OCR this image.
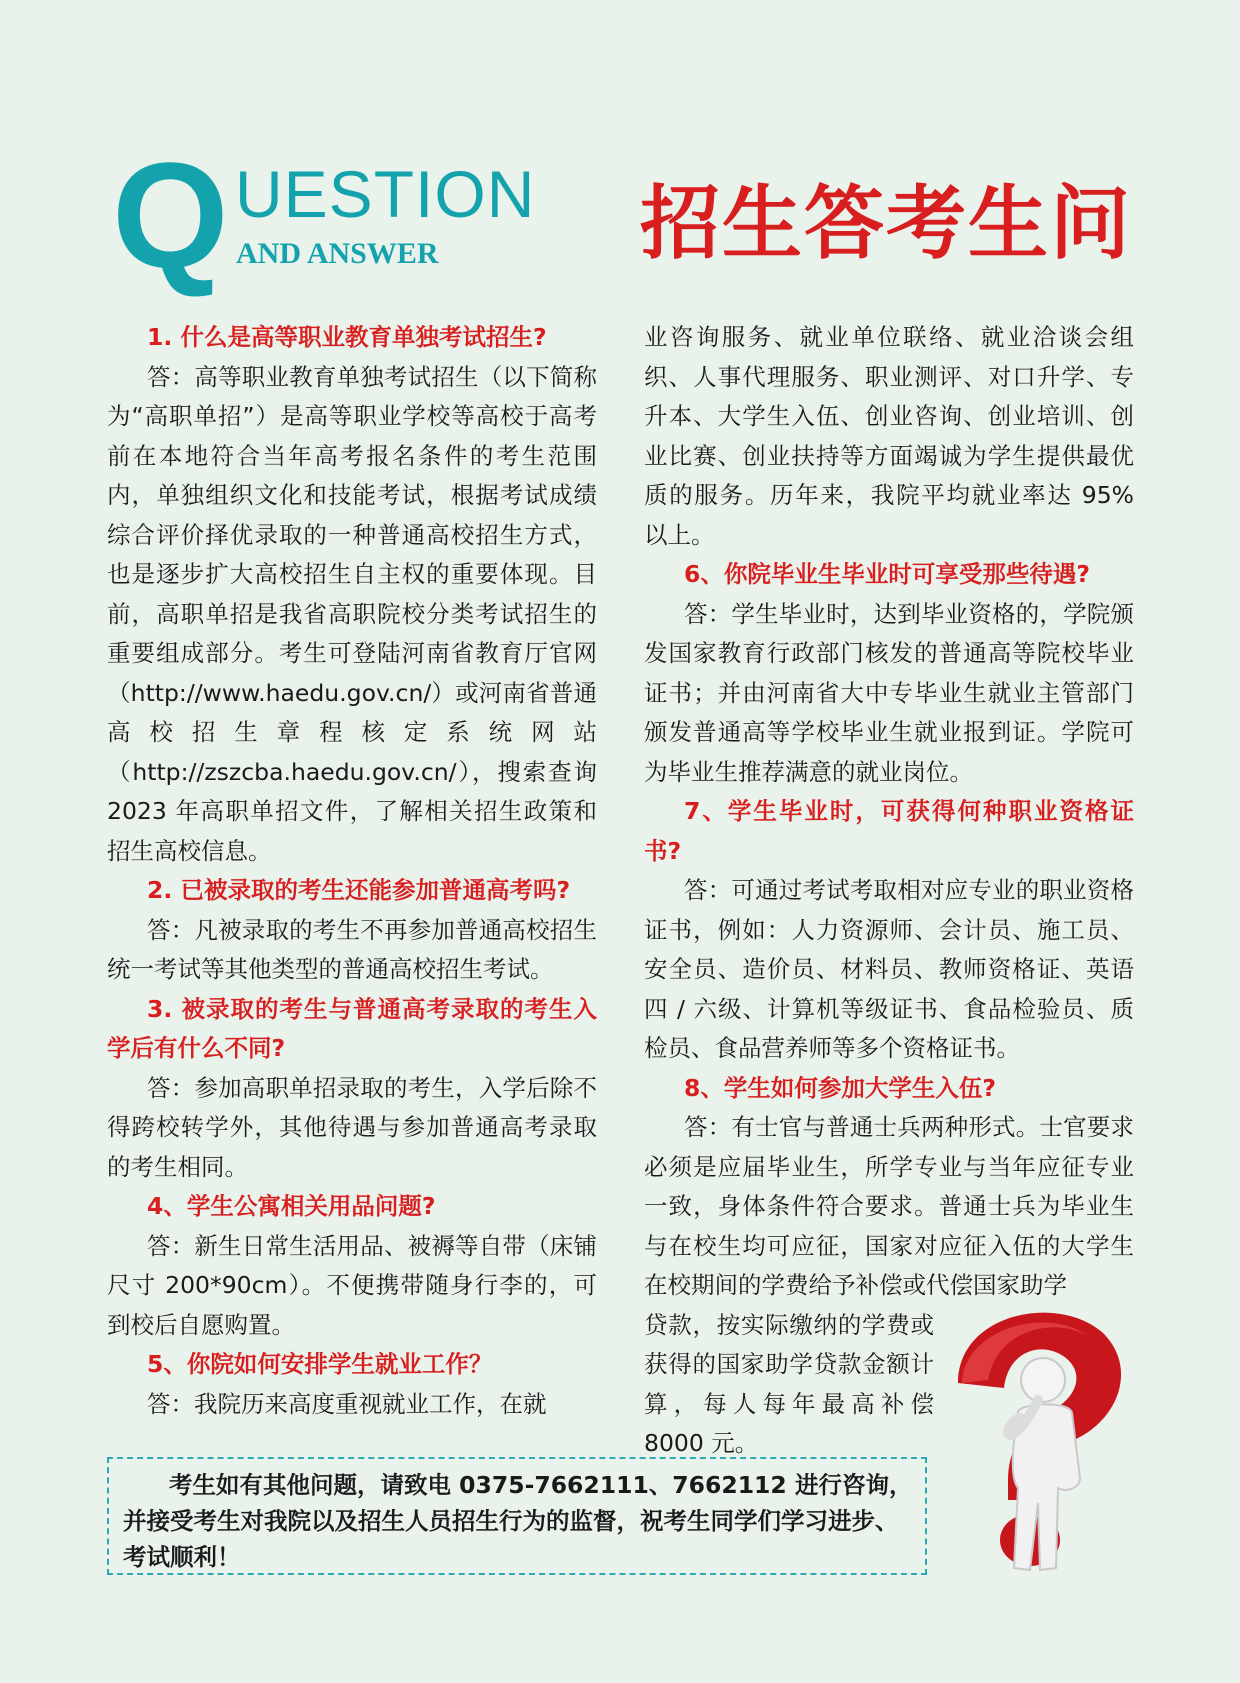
Q UESTION
AND ANSWER	招生答考生问

1. 什么是高等职业教育单独考试招生?

答：高等职业教育单独考试招生（以下简称为“高职单招”）是高等职业学校等高校于高考前在本地符合当年高考报名条件的考生范围内，单独组织文化和技能考试，根据考试成绩综合评价择优录取的一种普通高校招生方式，也是逐步扩大高校招生自主权的重要体现。目前，高职单招是我省高职院校分类考试招生的重要组成部分。考生可登陆河南省教育厅官网（http://www.haedu.gov.cn/）或河南省普通高校招生章程核定系统网站（http://zszcba.haedu.gov.cn/），搜索查询 2023 年高职单招文件，了解相关招生政策和招生高校信息。

2. 已被录取的考生还能参加普通高考吗?

答：凡被录取的考生不再参加普通高校招生统一考试等其他类型的普通高校招生考试。

3. 被录取的考生与普通高考录取的考生入学后有什么不同?

答：参加高职单招录取的考生，入学后除不得跨校转学外，其他待遇与参加普通高考录取的考生相同。

4、学生公寓相关用品问题?

答：新生日常生活用品、被褥等自带（床铺尺寸 200*90cm）。不便携带随身行李的，可到校后自愿购置。

5、你院如何安排学生就业工作？

答：我院历来高度重视就业工作，在就

业咨询服务、就业单位联络、就业洽谈会组织、人事代理服务、职业测评、对口升学、专升本、大学生入伍、创业咨询、创业培训、创业比赛、创业扶持等方面竭诚为学生提供最优质的服务。历年来，我院平均就业率达 95% 以上。

6、你院毕业生毕业时可享受那些待遇?

答：学生毕业时，达到毕业资格的，学院颁发国家教育行政部门核发的普通高等院校毕业证书；并由河南省大中专毕业生就业主管部门颁发普通高等学校毕业生就业报到证。学院可为毕业生推荐满意的就业岗位。

7、学生毕业时，可获得何种职业资格证书?

答：可通过考试考取相对应专业的职业资格证书，例如：人力资源师、会计员、施工员、安全员、造价员、材料员、教师资格证、英语四 / 六级、计算机等级证书、食品检验员、质检员、食品营养师等多个资格证书。

8、学生如何参加大学生入伍?

答：有士官与普通士兵两种形式。士官要求必须是应届毕业生，所学专业与当年应征专业一致，身体条件符合要求。普通士兵为毕业生与在校生均可应征，国家对应征入伍的大学生在校期间的学费给予补偿或代偿国家助学

贷款，按实际缴纳的学费或获得的国家助学贷款金额计算，每人每年最高补偿 8000 元。

考生如有其他问题，请致电 0375-7662111、7662112 进行咨询，并接受考生对我院以及招生人员招生行为的监督，祝考生同学们学习进步、考试顺利！
